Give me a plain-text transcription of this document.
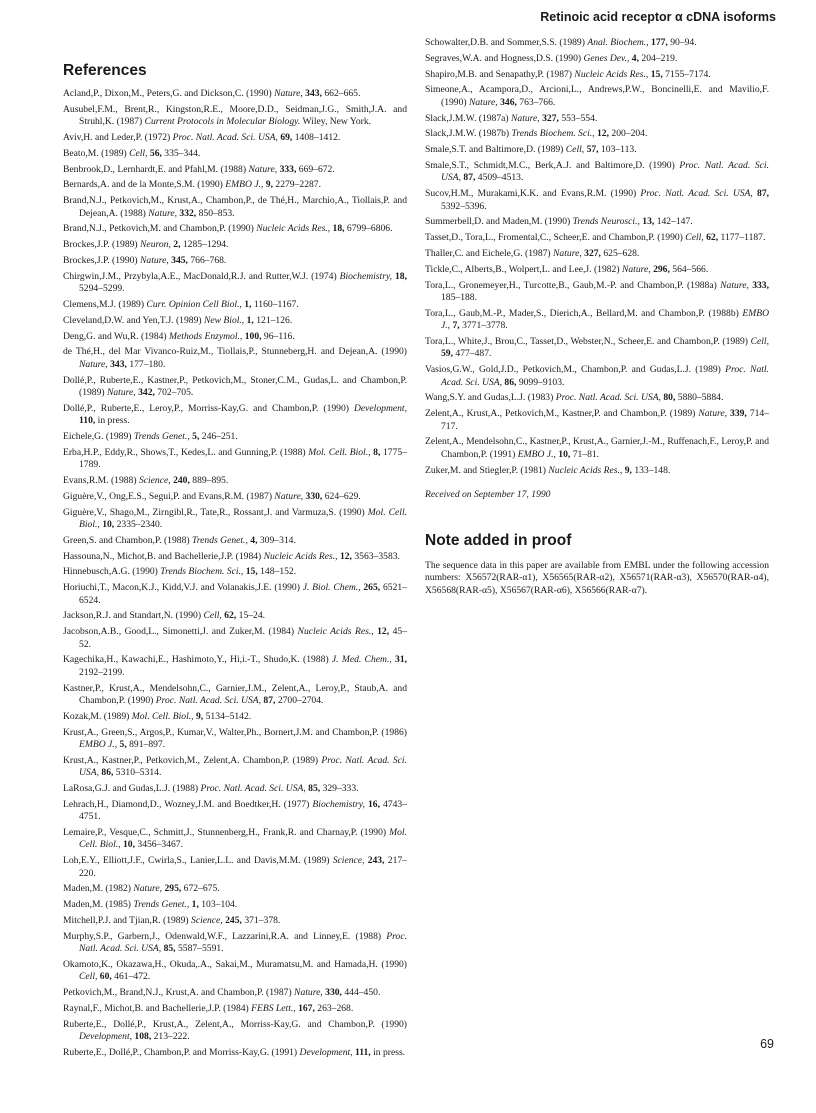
Retinoic acid receptor α cDNA isoforms
References

Acland,P., Dixon,M., Peters,G. and Dickson,C. (1990) Nature, 343, 662–665.

Ausubel,F.M., Brent,R., Kingston,R.E., Moore,D.D., Seidman,J.G., Smith,J.A. and Struhl,K. (1987) Current Protocols in Molecular Biology. Wiley, New York.

Aviv,H. and Leder,P. (1972) Proc. Natl. Acad. Sci. USA, 69, 1408–1412.

Beato,M. (1989) Cell, 56, 335–344.

Benbrook,D., Lernhardt,E. and Pfahl,M. (1988) Nature, 333, 669–672.

Bernards,A. and de la Monte,S.M. (1990) EMBO J., 9, 2279–2287.

Brand,N.J., Petkovich,M., Krust,A., Chambon,P., de Thé,H., Marchio,A., Tiollais,P. and Dejean,A. (1988) Nature, 332, 850–853.

Brand,N.J., Petkovich,M. and Chambon,P. (1990) Nucleic Acids Res., 18, 6799–6806.

Brockes,J.P. (1989) Neuron, 2, 1285–1294.

Brockes,J.P. (1990) Nature, 345, 766–768.

Chirgwin,J.M., Przybyla,A.E., MacDonald,R.J. and Rutter,W.J. (1974) Biochemistry, 18, 5294–5299.

Clemens,M.J. (1989) Curr. Opinion Cell Biol., 1, 1160–1167.

Cleveland,D.W. and Yen,T.J. (1989) New Biol., 1, 121–126.

Deng,G. and Wu,R. (1984) Methods Enzymol., 100, 96–116.

de Thé,H., del Mar Vivanco-Ruiz,M., Tiollais,P., Stunneberg,H. and Dejean,A. (1990) Nature, 343, 177–180.

Dollé,P., Ruberte,E., Kastner,P., Petkovich,M., Stoner,C.M., Gudas,L. and Chambon,P. (1989) Nature, 342, 702–705.

Dollé,P., Ruberte,E., Leroy,P., Morriss-Kay,G. and Chambon,P. (1990) Development, 110, in press.

Eichele,G. (1989) Trends Genet., 5, 246–251.

Erba,H.P., Eddy,R., Shows,T., Kedes,L. and Gunning,P. (1988) Mol. Cell. Biol., 8, 1775–1789.

Evans,R.M. (1988) Science, 240, 889–895.

Giguère,V., Ong,E.S., Segui,P. and Evans,R.M. (1987) Nature, 330, 624–629.

Giguère,V., Shago,M., Zirngibl,R., Tate,R., Rossant,J. and Varmuza,S. (1990) Mol. Cell. Biol., 10, 2335–2340.

Green,S. and Chambon,P. (1988) Trends Genet., 4, 309–314.

Hassouna,N., Michot,B. and Bachellerie,J.P. (1984) Nucleic Acids Res., 12, 3563–3583.

Hinnebusch,A.G. (1990) Trends Biochem. Sci., 15, 148–152.

Horiuchi,T., Macon,K.J., Kidd,V.J. and Volanakis,J.E. (1990) J. Biol. Chem., 265, 6521–6524.

Jackson,R.J. and Standart,N. (1990) Cell, 62, 15–24.

Jacobson,A.B., Good,L., Simonetti,J. and Zuker,M. (1984) Nucleic Acids Res., 12, 45–52.

Kagechika,H., Kawachi,E., Hashimoto,Y., Hi,i.-T., Shudo,K. (1988) J. Med. Chem., 31, 2192–2199.

Kastner,P., Krust,A., Mendelsohn,C., Garnier,J.M., Zelent,A., Leroy,P., Staub,A. and Chambon,P. (1990) Proc. Natl. Acad. Sci. USA, 87, 2700–2704.

Kozak,M. (1989) Mol. Cell. Biol., 9, 5134–5142.

Krust,A., Green,S., Argos,P., Kumar,V., Walter,Ph., Bornert,J.M. and Chambon,P. (1986) EMBO J., 5, 891–897.

Krust,A., Kastner,P., Petkovich,M., Zelent,A. Chambon,P. (1989) Proc. Natl. Acad. Sci. USA, 86, 5310–5314.

LaRosa,G.J. and Gudas,L.J. (1988) Proc. Natl. Acad. Sci. USA, 85, 329–333.

Lehrach,H., Diamond,D., Wozney,J.M. and Boedtker,H. (1977) Biochemistry, 16, 4743–4751.

Lemaire,P., Vesque,C., Schmitt,J., Stunnenberg,H., Frank,R. and Charnay,P. (1990) Mol. Cell. Biol., 10, 3456–3467.

Loh,E.Y., Elliott,J.F., Cwirla,S., Lanier,L.L. and Davis,M.M. (1989) Science, 243, 217–220.

Maden,M. (1982) Nature, 295, 672–675.

Maden,M. (1985) Trends Genet., 1, 103–104.

Mitchell,P.J. and Tjian,R. (1989) Science, 245, 371–378.

Murphy,S.P., Garbern,J., Odenwald,W.F., Lazzarini,R.A. and Linney,E. (1988) Proc. Natl. Acad. Sci. USA, 85, 5587–5591.

Okamoto,K., Okazawa,H., Okuda,.A., Sakai,M., Muramatsu,M. and Hamada,H. (1990) Cell, 60, 461–472.

Petkovich,M., Brand,N.J., Krust,A. and Chambon,P. (1987) Nature, 330, 444–450.

Raynal,F., Michot,B. and Bachellerie,J.P. (1984) FEBS Lett., 167, 263–268.

Ruberte,E., Dollé,P., Krust,A., Zelent,A., Morriss-Kay,G. and Chambon,P. (1990) Development, 108, 213–222.

Ruberte,E., Dollé,P., Chambon,P. and Morriss-Kay,G. (1991) Development, 111, in press.

Schowalter,D.B. and Sommer,S.S. (1989) Anal. Biochem., 177, 90–94.

Segraves,W.A. and Hogness,D.S. (1990) Genes Dev., 4, 204–219.

Shapiro,M.B. and Senapathy,P. (1987) Nucleic Acids Res., 15, 7155–7174.

Simeone,A., Acampora,D., Arcioni,L., Andrews,P.W., Boncinelli,E. and Mavilio,F. (1990) Nature, 346, 763–766.

Slack,J.M.W. (1987a) Nature, 327, 553–554.

Slack,J.M.W. (1987b) Trends Biochem. Sci., 12, 200–204.

Smale,S.T. and Baltimore,D. (1989) Cell, 57, 103–113.

Smale,S.T., Schmidt,M.C., Berk,A.J. and Baltimore,D. (1990) Proc. Natl. Acad. Sci. USA, 87, 4509–4513.

Sucov,H.M., Murakami,K.K. and Evans,R.M. (1990) Proc. Natl. Acad. Sci. USA, 87, 5392–5396.

Summerbell,D. and Maden,M. (1990) Trends Neurosci., 13, 142–147.

Tasset,D., Tora,L., Fromental,C., Scheer,E. and Chambon,P. (1990) Cell, 62, 1177–1187.

Thaller,C. and Eichele,G. (1987) Nature, 327, 625–628.

Tickle,C., Alberts,B., Wolpert,L. and Lee,J. (1982) Nature, 296, 564–566.

Tora,L., Gronemeyer,H., Turcotte,B., Gaub,M.-P. and Chambon,P. (1988a) Nature, 333, 185–188.

Tora,L., Gaub,M.-P., Mader,S., Dierich,A., Bellard,M. and Chambon,P. (1988b) EMBO J., 7, 3771–3778.

Tora,L., White,J., Brou,C., Tasset,D., Webster,N., Scheer,E. and Chambon,P. (1989) Cell, 59, 477–487.

Vasios,G.W., Gold,J.D., Petkovich,M., Chambon,P. and Gudas,L.J. (1989) Proc. Natl. Acad. Sci. USA, 86, 9099–9103.

Wang,S.Y. and Gudas,L.J. (1983) Proc. Natl. Acad. Sci. USA, 80, 5880–5884.

Zelent,A., Krust,A., Petkovich,M., Kastner,P. and Chambon,P. (1989) Nature, 339, 714–717.

Zelent,A., Mendelsohn,C., Kastner,P., Krust,A., Garnier,J.-M., Ruffenach,F., Leroy,P. and Chambon,P. (1991) EMBO J., 10, 71–81.

Zuker,M. and Stiegler,P. (1981) Nucleic Acids Res., 9, 133–148.

Received on September 17, 1990

Note added in proof

The sequence data in this paper are available from EMBL under the following accession numbers: X56572(RAR-α1), X56565(RAR-α2), X56571(RAR-α3), X56570(RAR-α4), X56568(RAR-α5), X56567(RAR-α6), X56566(RAR-α7).

69
